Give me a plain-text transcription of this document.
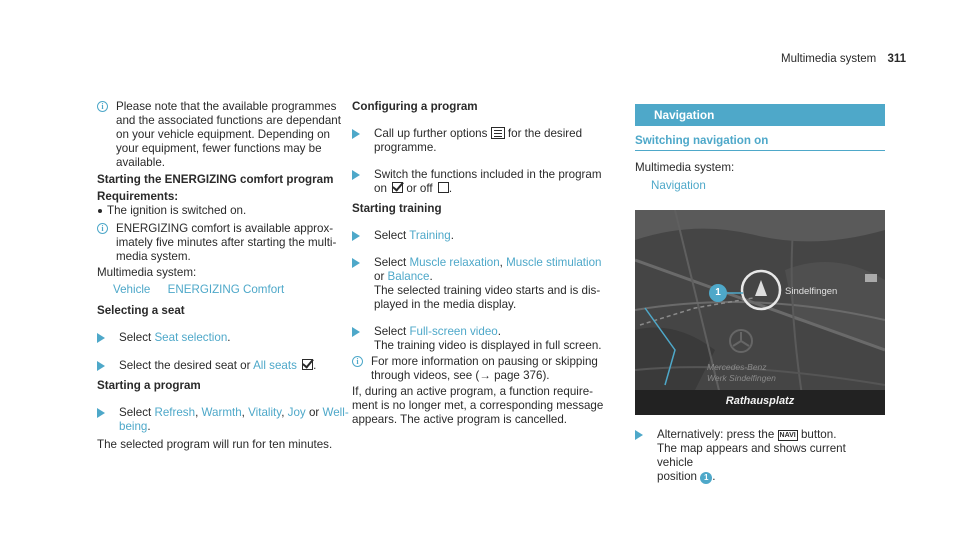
Multimedia system 311
i
Please note that the available programmes
and the associated functions are dependant
on your vehicle equipment. Depending on
your equipment, fewer functions may be
available.
Starting the ENERGIZING comfort program
Requirements:
The ignition is switched on.
i
ENERGIZING comfort is available approx-
imately five minutes after starting the multi-
media system.
Multimedia system:
Vehicle ENERGIZING Comfort
Selecting a seat
Select Seat selection.
Select the desired seat or All seats .
Starting a program
Select Refresh, Warmth, Vitality, Joy or Well-
being.
The selected program will run for ten minutes.
Configuring a program
Call up further options for the desired
programme.
Switch the functions included in the program
on or off .
Starting training
Select Training.
Select Muscle relaxation, Muscle stimulation
or Balance.
The selected training video starts and is dis-
played in the media display.
Select Full-screen video.
The training video is displayed in full screen.
i
For more information on pausing or skipping
through videos, see (→ page 376).
If, during an active program, a function require-
ment is no longer met, a corresponding message
appears. The active program is cancelled.
Navigation
Switching navigation on
Multimedia system:
Navigation
1	Sindelfingen
Mercedes-Benz
Werk Sindelfingen
Rathausplatz
Alternatively: press the NAVI button.
The map appears and shows current vehicle
position 1 .
